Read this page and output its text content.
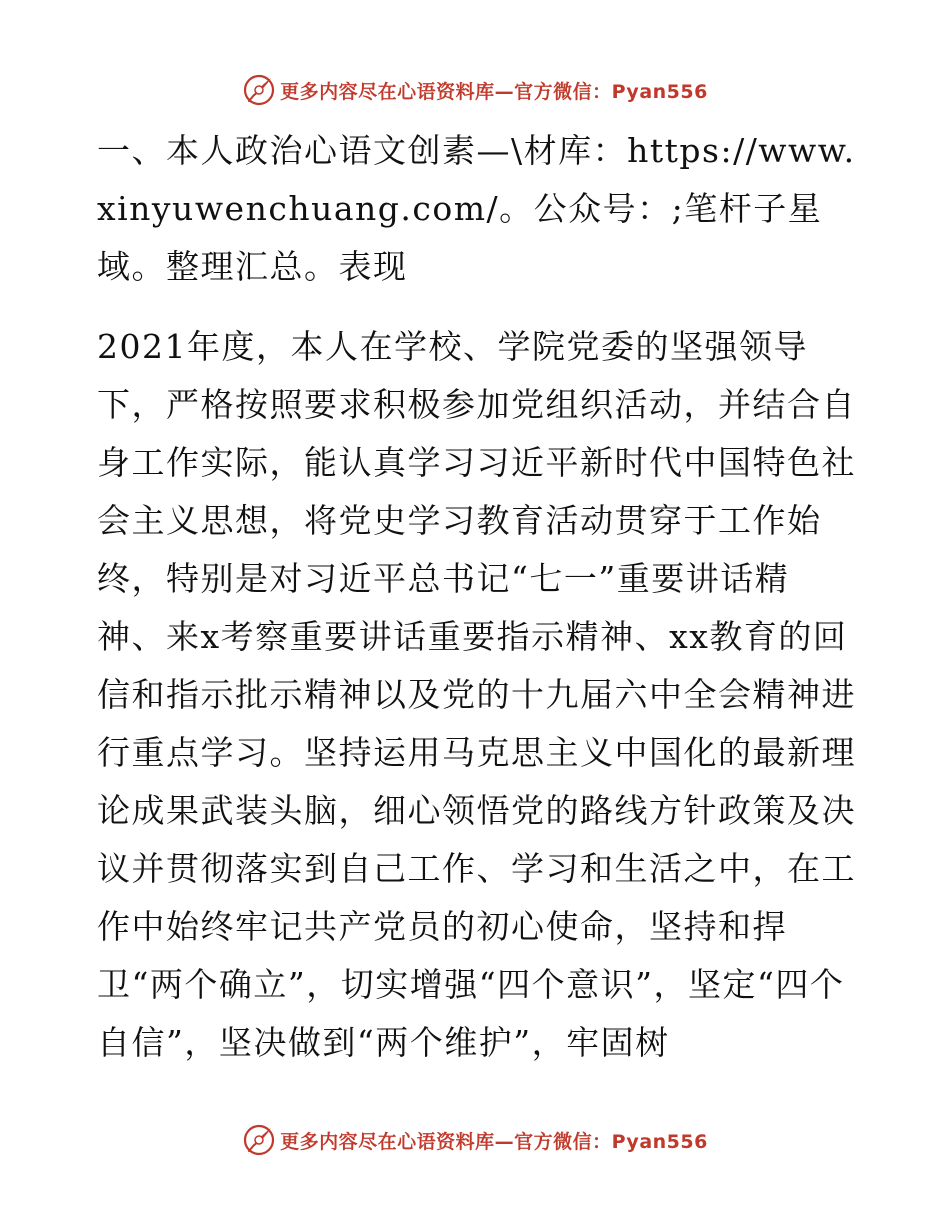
更多内容尽在心语资料库—官方微信：Pyan556

一、本人政治心语文创素—\材库：https://www.xinyuwenchuang.com/。公众号：;笔杆子星域。整理汇总。表现

2021年度，本人在学校、学院党委的坚强领导下，严格按照要求积极参加党组织活动，并结合自身工作实际，能认真学习习近平新时代中国特色社会主义思想，将党史学习教育活动贯穿于工作始终，特别是对习近平总书记“七一”重要讲话精神、来x考察重要讲话重要指示精神、xx教育的回信和指示批示精神以及党的十九届六中全会精神进行重点学习。坚持运用马克思主义中国化的最新理论成果武装头脑，细心领悟党的路线方针政策及决议并贯彻落实到自己工作、学习和生活之中，在工作中始终牢记共产党员的初心使命，坚持和捍卫“两个确立”，切实增强“四个意识”，坚定“四个自信”，坚决做到“两个维护”，牢固树

更多内容尽在心语资料库—官方微信：Pyan556
